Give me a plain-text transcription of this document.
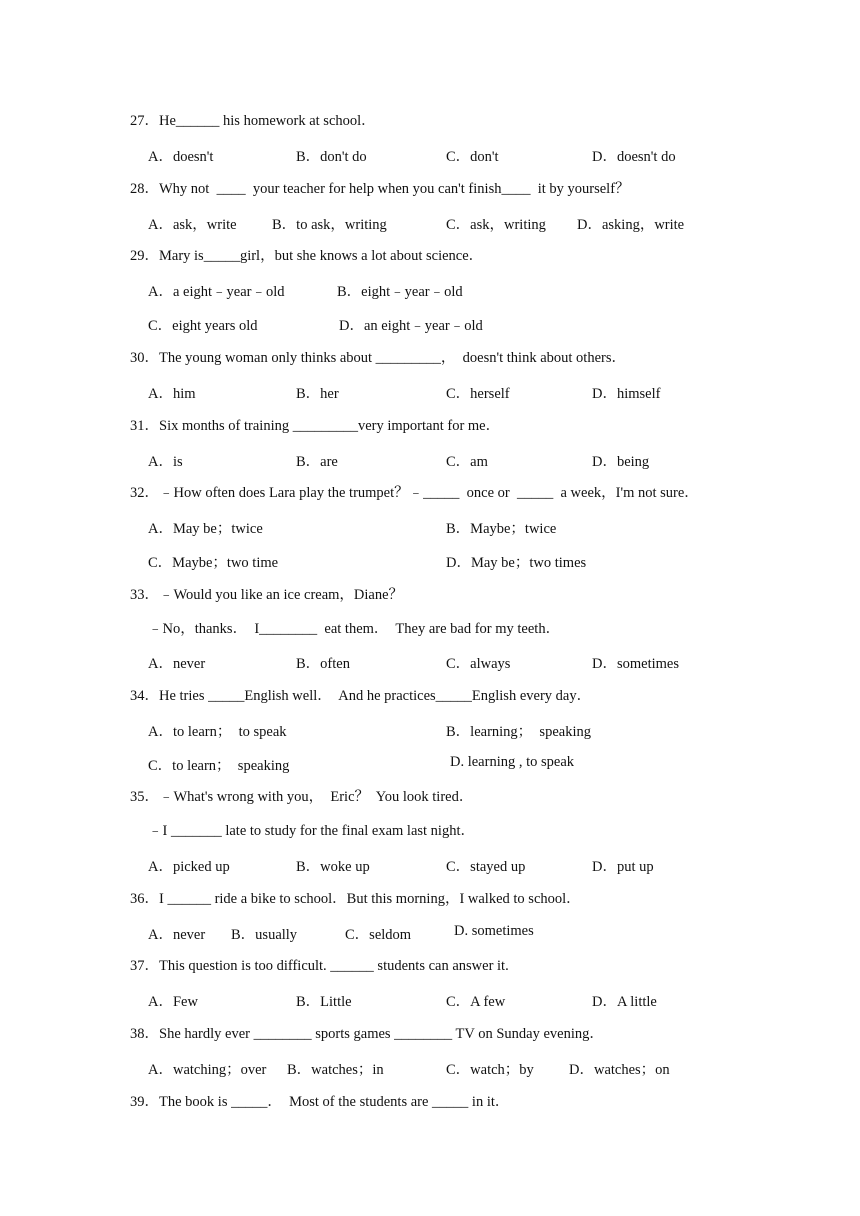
27．He______ his homework at school．
A．doesn't	B．don't do	C．don't	D．doesn't do
28．Why not  ____  your teacher for help when you can't finish____  it by yourself？
A．ask，write B．to ask，writing	C．ask，writing D．asking，write
29．Mary is_____girl，but she knows a lot about science．
A．a eight﹣year﹣old	B．eight﹣year﹣old
C．eight years old	D．an eight﹣year﹣old
30．The young woman only thinks about _________，  doesn't think about others．
A．him	B．her	C．herself	D．himself
31．Six months of training _________very important for me．
A．is	B．are	C．am	D．being
32．﹣How often does Lara play the trumpet？﹣_____  once or  _____  a week，I'm not sure．
A．May be；twice	B．Maybe；twice
C．Maybe；two time	D．May be；two times
33．﹣Would you like an ice cream，Diane？
﹣No，thanks．  I________  eat them．  They are bad for my teeth．
A．never	B．often	C．always	D．sometimes
34．He tries _____English well．  And he practices_____English every day．
A．to learn；  to speak	B．learning；  speaking
C．to learn；  speaking	D. learning , to speak
35．﹣What's wrong with you，  Eric？  You look tired．
﹣I _______ late to study for the final exam last night．
A．picked up	B．woke up	C．stayed up	D．put up
36．I ______ ride a bike to school．But this morning，I walked to school．
A．never B．usually	C．seldom	D. sometimes
37．This question is too difficult. ______ students can answer it.
A．Few	B．Little	C．A few	D．A little
38．She hardly ever ________ sports games ________ TV on Sunday evening．
A．watching；over B．watches；in	C．watch；by D．watches；on
39．The book is _____．  Most of the students are _____ in it．
